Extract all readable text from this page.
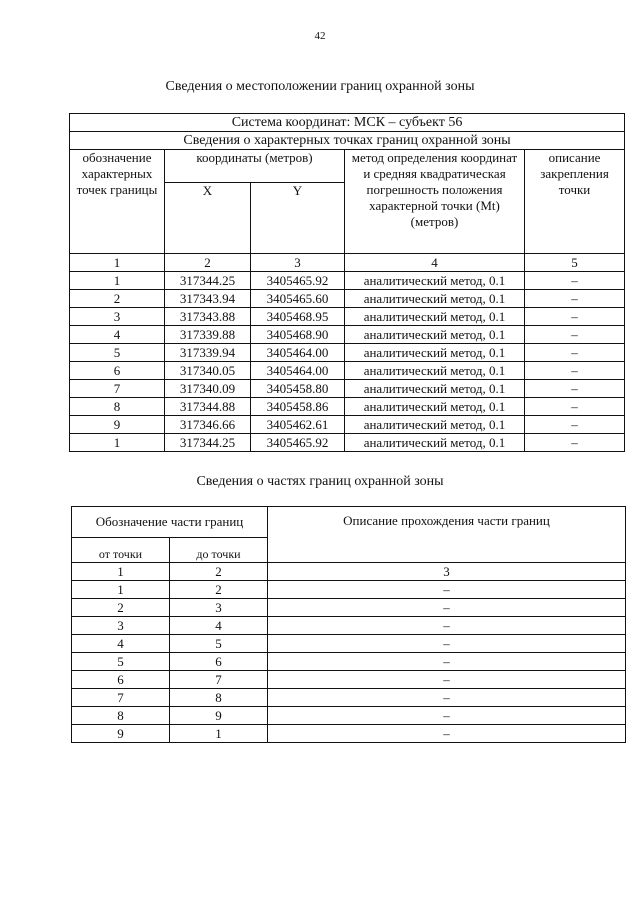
42
Сведения о местоположении границ охранной зоны
Система координат: МСК – субъект 56				
Сведения о характерных точках границ охранной зоны				
обозначение характерных точек границы	координаты (метров)		метод определения координат и средняя квадратическая погрешность положения характерной точки (Mt) (метров)	описание закрепления точки
	X	Y		
1	2	3	4	5
1	317344.25	3405465.92	аналитический метод, 0.1	–
2	317343.94	3405465.60	аналитический метод, 0.1	–
3	317343.88	3405468.95	аналитический метод, 0.1	–
4	317339.88	3405468.90	аналитический метод, 0.1	–
5	317339.94	3405464.00	аналитический метод, 0.1	–
6	317340.05	3405464.00	аналитический метод, 0.1	–
7	317340.09	3405458.80	аналитический метод, 0.1	–
8	317344.88	3405458.86	аналитический метод, 0.1	–
9	317346.66	3405462.61	аналитический метод, 0.1	–
1	317344.25	3405465.92	аналитический метод, 0.1	–
Сведения о частях границ охранной зоны
Обозначение части границ		Описание прохождения части границ
от точки	до точки	
1	2	3
1	2	–
2	3	–
3	4	–
4	5	–
5	6	–
6	7	–
7	8	–
8	9	–
9	1	–
